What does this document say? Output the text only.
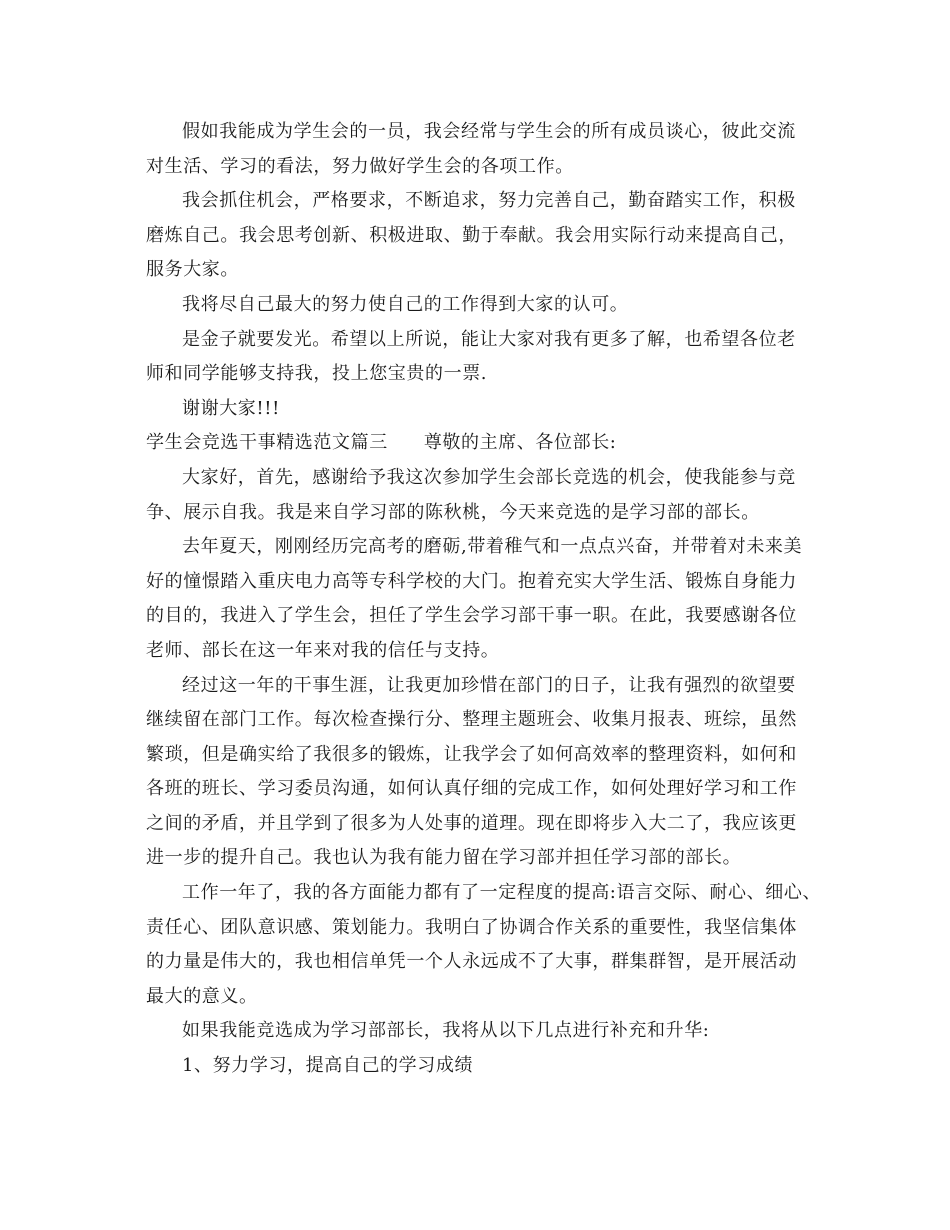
假如我能成为学生会的一员，我会经常与学生会的所有成员谈心，彼此交流
对生活、学习的看法，努力做好学生会的各项工作。
我会抓住机会，严格要求，不断追求，努力完善自己，勤奋踏实工作，积极
磨炼自己。我会思考创新、积极进取、勤于奉献。我会用实际行动来提高自己，
服务大家。
我将尽自己最大的努力使自己的工作得到大家的认可。
是金子就要发光。希望以上所说，能让大家对我有更多了解，也希望各位老
师和同学能够支持我，投上您宝贵的一票.
谢谢大家!!!
学生会竞选干事精选范文篇三 尊敬的主席、各位部长:
大家好，首先，感谢给予我这次参加学生会部长竞选的机会，使我能参与竞
争、展示自我。我是来自学习部的陈秋桃，今天来竞选的是学习部的部长。
去年夏天，刚刚经历完高考的磨砺,带着稚气和一点点兴奋，并带着对未来美
好的憧憬踏入重庆电力高等专科学校的大门。抱着充实大学生活、锻炼自身能力
的目的，我进入了学生会，担任了学生会学习部干事一职。在此，我要感谢各位
老师、部长在这一年来对我的信任与支持。
经过这一年的干事生涯，让我更加珍惜在部门的日子，让我有强烈的欲望要
继续留在部门工作。每次检查操行分、整理主题班会、收集月报表、班综，虽然
繁琐，但是确实给了我很多的锻炼，让我学会了如何高效率的整理资料，如何和
各班的班长、学习委员沟通，如何认真仔细的完成工作，如何处理好学习和工作
之间的矛盾，并且学到了很多为人处事的道理。现在即将步入大二了，我应该更
进一步的提升自己。我也认为我有能力留在学习部并担任学习部的部长。
工作一年了，我的各方面能力都有了一定程度的提高:语言交际、耐心、细心、
责任心、团队意识感、策划能力。我明白了协调合作关系的重要性，我坚信集体
的力量是伟大的，我也相信单凭一个人永远成不了大事，群集群智，是开展活动
最大的意义。
如果我能竞选成为学习部部长，我将从以下几点进行补充和升华:
1、努力学习，提高自己的学习成绩
